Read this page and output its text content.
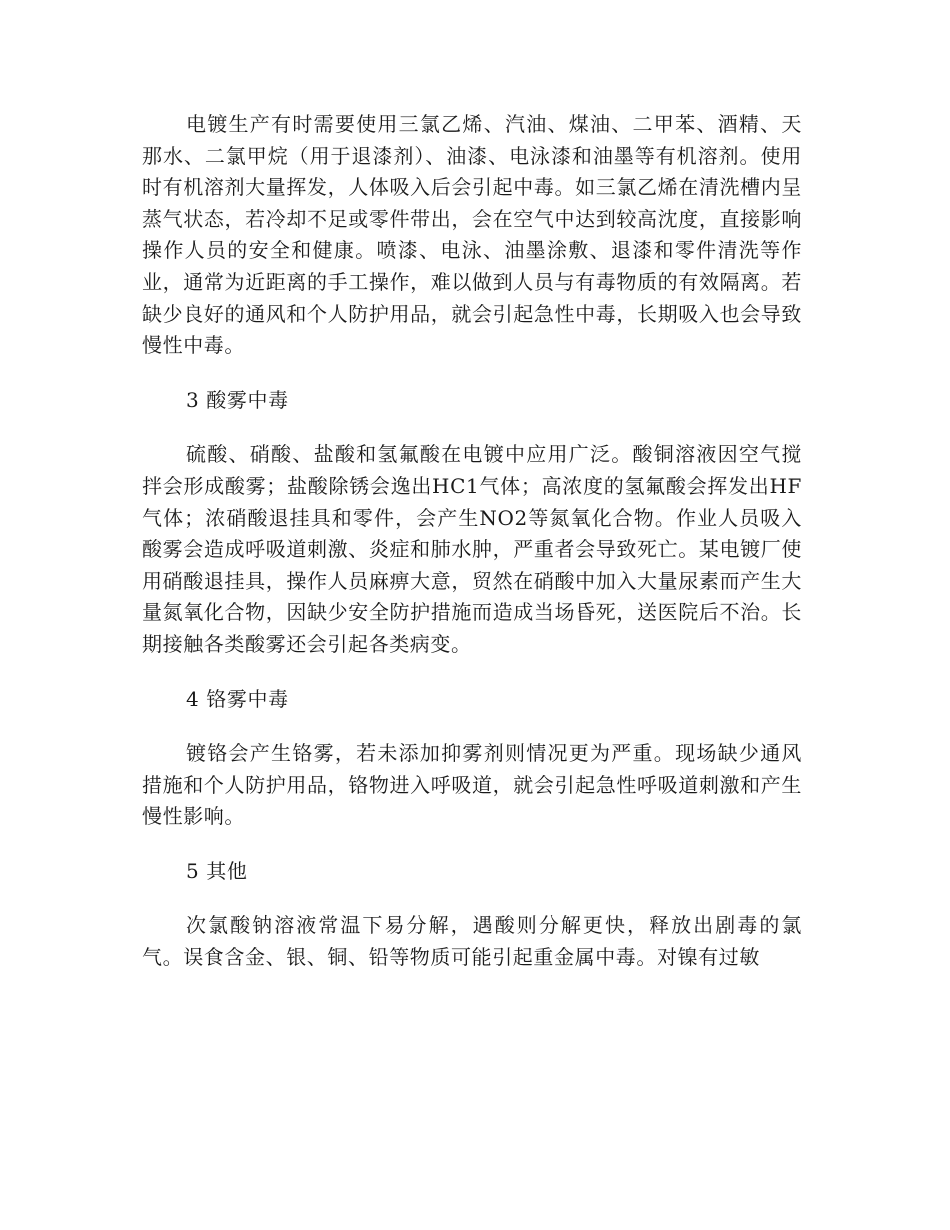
电镀生产有时需要使用三氯乙烯、汽油、煤油、二甲苯、酒精、天那水、二氯甲烷（用于退漆剂）、油漆、电泳漆和油墨等有机溶剂。使用时有机溶剂大量挥发，人体吸入后会引起中毒。如三氯乙烯在清洗槽内呈蒸气状态，若冷却不足或零件带出，会在空气中达到较高沈度，直接影响操作人员的安全和健康。喷漆、电泳、油墨涂敷、退漆和零件清洗等作业，通常为近距离的手工操作，难以做到人员与有毒物质的有效隔离。若缺少良好的通风和个人防护用品，就会引起急性中毒，长期吸入也会导致慢性中毒。

3 酸雾中毒

硫酸、硝酸、盐酸和氢氟酸在电镀中应用广泛。酸铜溶液因空气搅拌会形成酸雾；盐酸除锈会逸出HC1气体；高浓度的氢氟酸会挥发出HF气体；浓硝酸退挂具和零件，会产生NO2等氮氧化合物。作业人员吸入酸雾会造成呼吸道刺激、炎症和肺水肿，严重者会导致死亡。某电镀厂使用硝酸退挂具，操作人员麻痹大意，贸然在硝酸中加入大量尿素而产生大量氮氧化合物，因缺少安全防护措施而造成当场昏死，送医院后不治。长期接触各类酸雾还会引起各类病变。

4 铬雾中毒

镀铬会产生铬雾，若未添加抑雾剂则情况更为严重。现场缺少通风措施和个人防护用品，铬物进入呼吸道，就会引起急性呼吸道刺激和产生慢性影响。

5 其他

次氯酸钠溶液常温下易分解，遇酸则分解更快，释放出剧毒的氯气。误食含金、银、铜、铅等物质可能引起重金属中毒。对镍有过敏
